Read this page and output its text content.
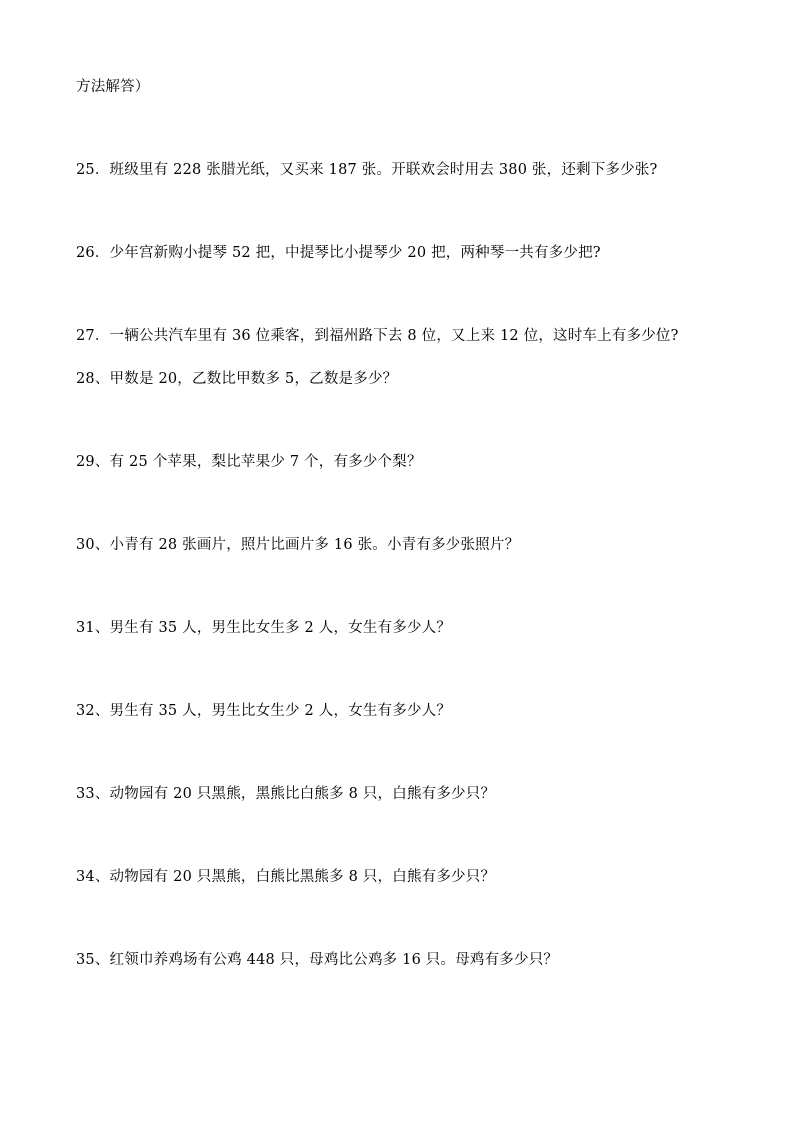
方法解答）
25．班级里有 228 张腊光纸，又买来 187 张。开联欢会时用去 380 张，还剩下多少张?
26．少年宫新购小提琴 52 把，中提琴比小提琴少 20 把，两种琴一共有多少把?
27．一辆公共汽车里有 36 位乘客，到福州路下去 8 位，又上来 12 位，这时车上有多少位?
28、甲数是 20，乙数比甲数多 5，乙数是多少？
29、有 25 个苹果，梨比苹果少 7 个，有多少个梨？
30、小青有 28 张画片，照片比画片多 16 张。小青有多少张照片？
31、男生有 35 人，男生比女生多 2 人，女生有多少人？
32、男生有 35 人，男生比女生少 2 人，女生有多少人？
33、动物园有 20 只黑熊，黑熊比白熊多 8 只，白熊有多少只？
34、动物园有 20 只黑熊，白熊比黑熊多 8 只，白熊有多少只？
35、红领巾养鸡场有公鸡 448 只，母鸡比公鸡多 16 只。母鸡有多少只？
